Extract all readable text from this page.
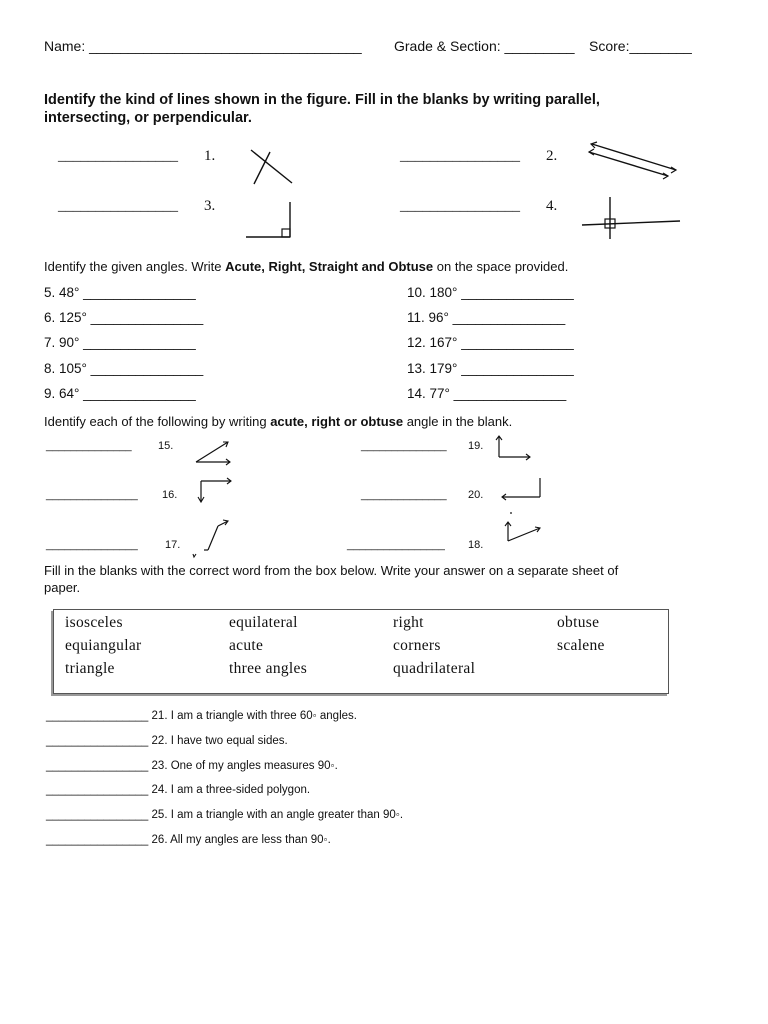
Name: ___________________________________ Grade & Section: _________ Score:________
Identify the kind of lines shown in the figure. Fill in the blanks by writing parallel,
intersecting, or perpendicular.
________________ 1.	________________ 2.
________________ 3.	________________ 4.
Identify the given angles. Write Acute, Right, Straight and Obtuse on the space provided.
5. 48° _______________
6. 125° _______________
7. 90° _______________
8. 105° _______________
9. 64° _______________
10. 180° _______________
11. 96° _______________
12. 167° _______________
13. 179° _______________
14. 77° _______________
Identify each of the following by writing acute, right or obtuse angle in the blank.
______________ 15.
_______________ 16.
_______________ 17.
______________ 19.
______________ 20.
________________ 18.
Fill in the blanks with the correct word from the box below. Write your answer on a separate sheet of
paper.
isosceles	equilateral	right	obtuse
equiangular	acute	corners	scalene
triangle	three angles	quadrilateral
________________ 21. I am a triangle with three 60◦ angles.
________________ 22. I have two equal sides.
________________ 23. One of my angles measures 90◦.
________________ 24. I am a three-sided polygon.
________________ 25. I am a triangle with an angle greater than 90◦.
________________ 26. All my angles are less than 90◦.
